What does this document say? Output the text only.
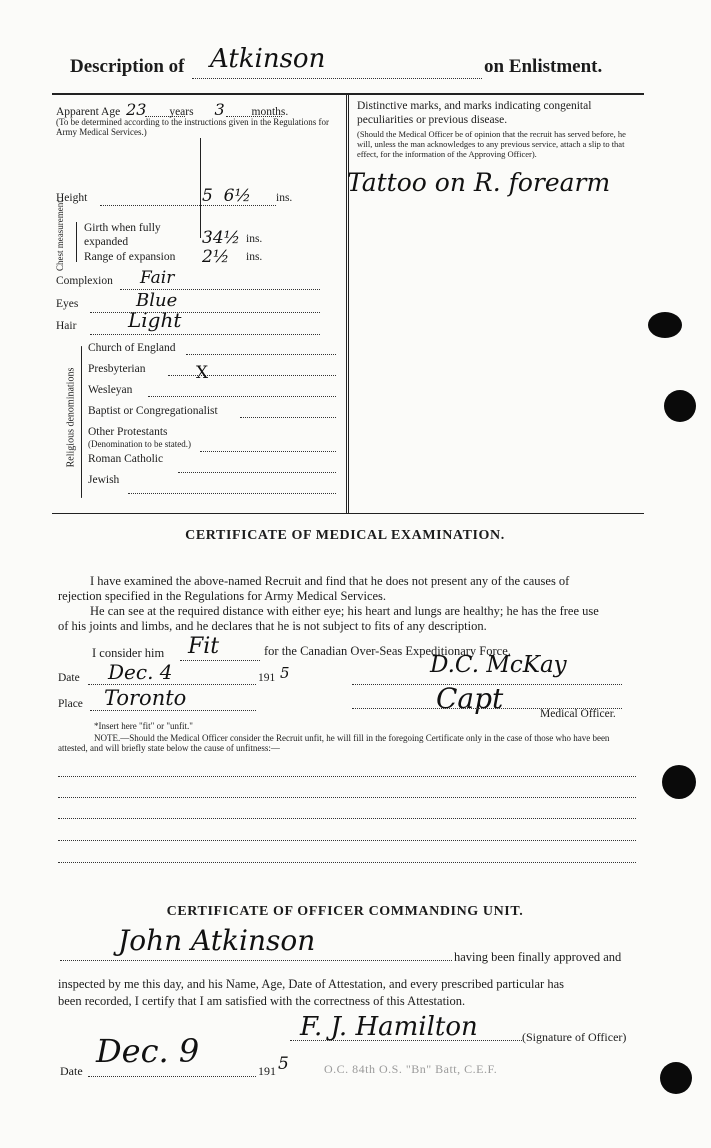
Description of Atkinson	on Enlistment.
Apparent Age 23 years 3 months.

(To be determined according to the instructions given in the Regulations for Army Medical Services.)

Height	5  6½ ins.
Chest measurement Girth when fully expanded	34½ ins.
Range of expansion 2½ ins.
Complexion Fair
Eyes	Blue
Hair	Light
Religious denominations
Church of England
Presbyterian	X
Wesleyan
Baptist or Congregationalist
Other Protestants
(Denomination to be stated.)
Roman Catholic
Jewish

Distinctive marks, and marks indicating congenital peculiarities or previous disease.

(Should the Medical Officer be of opinion that the recruit has served before, he will, unless the man acknowledges to any previous service, attach a slip to that effect, for the information of the Approving Officer).

Tattoo on R. forearm
CERTIFICATE OF MEDICAL EXAMINATION.

I have examined the above-named Recruit and find that he does not present any of the causes of rejection specified in the Regulations for Army Medical Services.

He can see at the required distance with either eye; his heart and lungs are healthy; he has the free use of his joints and limbs, and he declares that he is not subject to fits of any description.

I consider him Fit	for the Canadian Over-Seas Expeditionary Force.
Date Dec. 4	191 5	D.C. McKay
Place Toronto	Capt	Medical Officer.
*Insert here "fit" or "unfit."

NOTE.—Should the Medical Officer consider the Recruit unfit, he will fill in the foregoing Certificate only in the case of those who have been attested, and will briefly state below the cause of unfitness:—

CERTIFICATE OF OFFICER COMMANDING UNIT.
John Atkinson	having been finally approved and

inspected by me this day, and his Name, Age, Date of Attestation, and every prescribed particular has

been recorded, I certify that I am satisfied with the correctness of this Attestation.

F. J. Hamilton	(Signature of Officer)
Date
Dec. 9
191 5	O.C. 84th O.S. "Bn" Batt, C.E.F.
